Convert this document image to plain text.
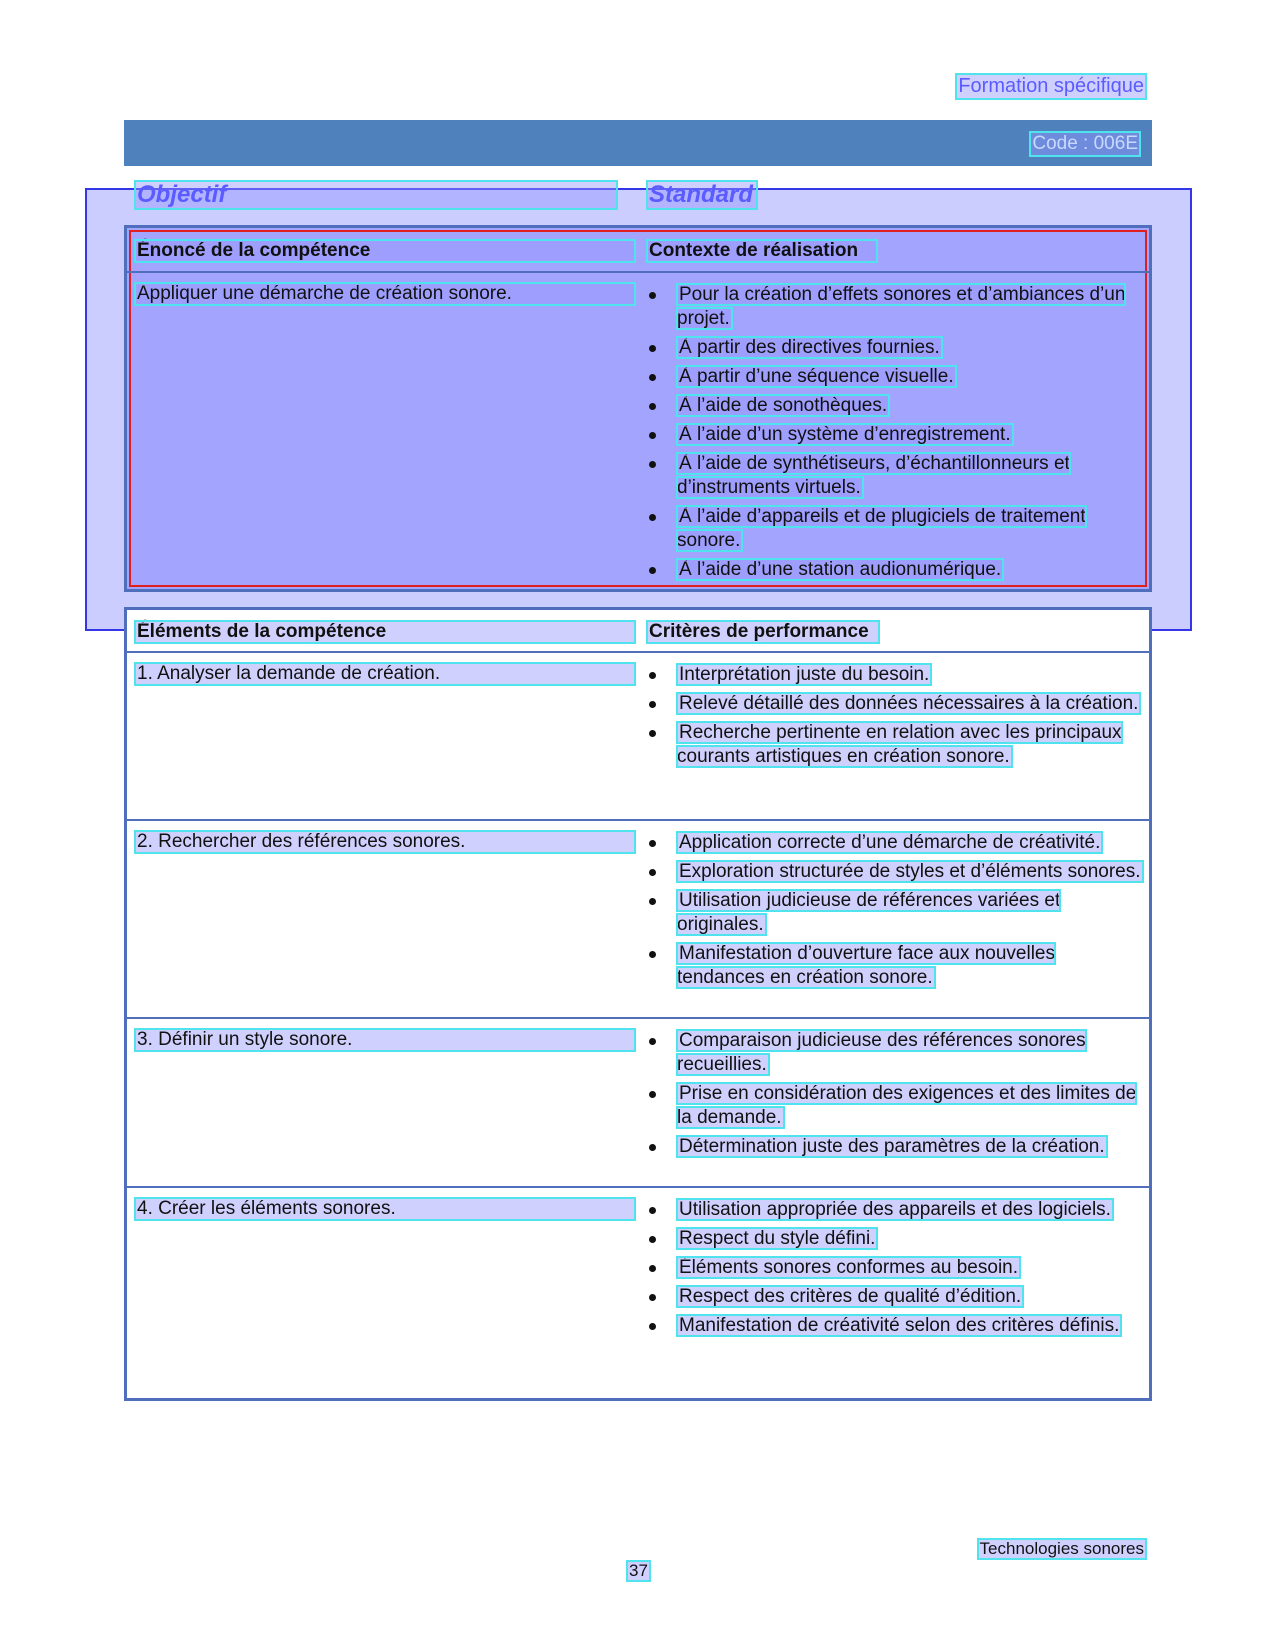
Formation spécifique
Code : 006E
Objectif	Standard
Énoncé de la compétence	Contexte de réalisation
Appliquer une démarche de création sonore.	Pour la création d’effets sonores et d’ambiances d’un projet.
À partir des directives fournies.
À partir d’une séquence visuelle.
À l’aide de sonothèques.
À l’aide d’un système d’enregistrement.
À l’aide de synthétiseurs, d’échantillonneurs et d’instruments virtuels.
À l’aide d’appareils et de plugiciels de traitement sonore.
À l’aide d’une station audionumérique.
Éléments de la compétence	Critères de performance
1. Analyser la demande de création.	Interprétation juste du besoin.
Relevé détaillé des données nécessaires à la création.
Recherche pertinente en relation avec les principaux courants artistiques en création sonore.
2. Rechercher des références sonores.	Application correcte d’une démarche de créativité.
Exploration structurée de styles et d’éléments sonores.
Utilisation judicieuse de références variées et originales.
Manifestation d’ouverture face aux nouvelles tendances en création sonore.
3. Définir un style sonore.	Comparaison judicieuse des références sonores recueillies.
Prise en considération des exigences et des limites de la demande.
Détermination juste des paramètres de la création.
4. Créer les éléments sonores.	Utilisation appropriée des appareils et des logiciels.
Respect du style défini.
Éléments sonores conformes au besoin.
Respect des critères de qualité d’édition.
Manifestation de créativité selon des critères définis.
Technologies sonores
37
